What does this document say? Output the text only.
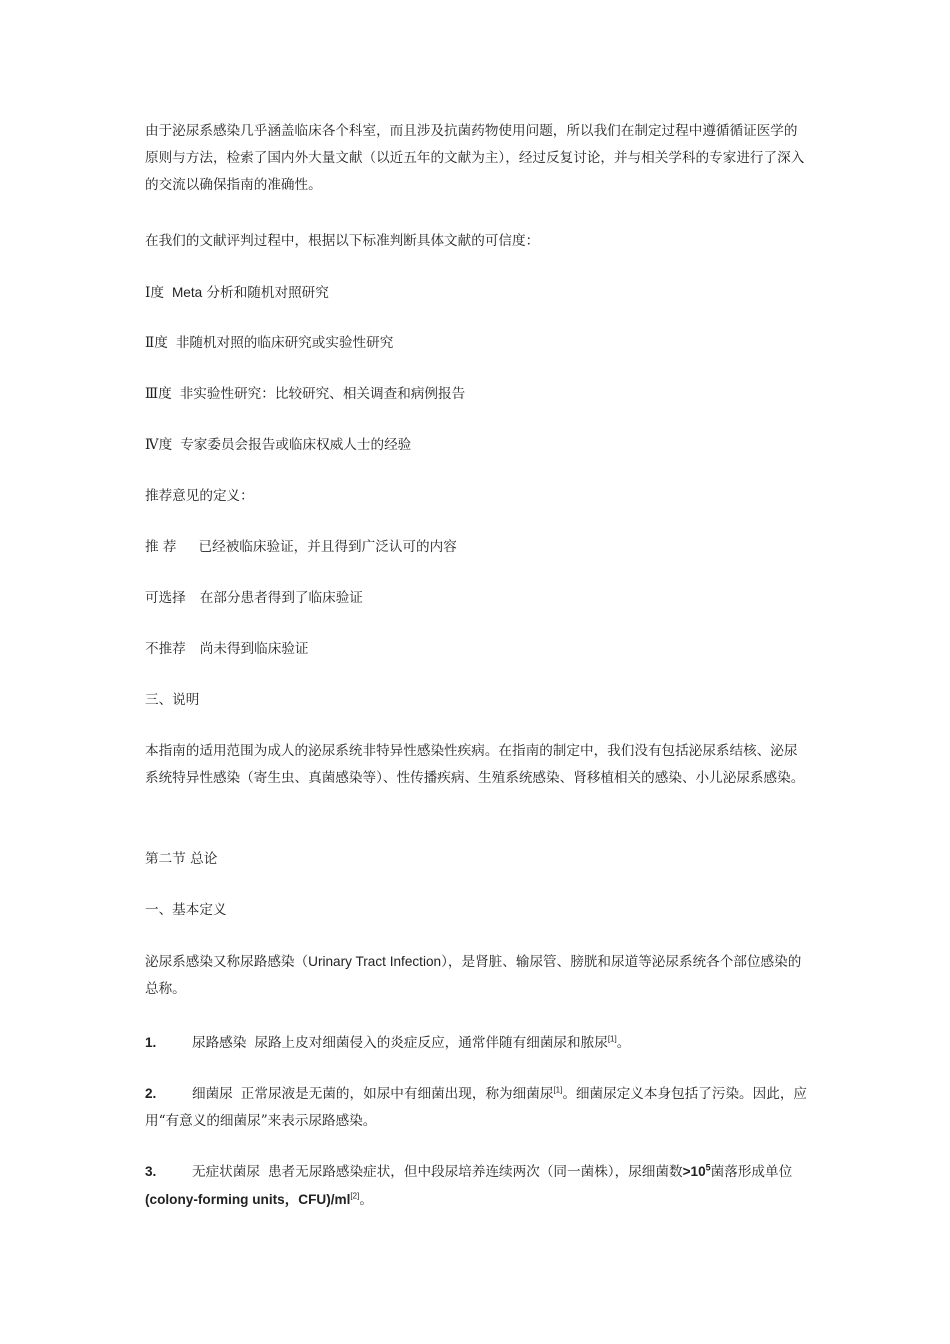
由于泌尿系感染几乎涵盖临床各个科室，而且涉及抗菌药物使用问题，所以我们在制定过程中遵循循证医学的原则与方法，检索了国内外大量文献（以近五年的文献为主），经过反复讨论，并与相关学科的专家进行了深入的交流以确保指南的准确性。

在我们的文献评判过程中，根据以下标准判断具体文献的可信度：

Ⅰ度 Meta 分析和随机对照研究

Ⅱ度 非随机对照的临床研究或实验性研究

Ⅲ度 非实验性研究：比较研究、相关调查和病例报告

Ⅳ度 专家委员会报告或临床权威人士的经验

推荐意见的定义：

推 荐 已经被临床验证，并且得到广泛认可的内容

可选择 在部分患者得到了临床验证

不推荐 尚未得到临床验证

三、说明

本指南的适用范围为成人的泌尿系统非特异性感染性疾病。在指南的制定中，我们没有包括泌尿系结核、泌尿系统特异性感染（寄生虫、真菌感染等）、性传播疾病、生殖系统感染、肾移植相关的感染、小儿泌尿系感染。

第二节 总论

一、基本定义

泌尿系感染又称尿路感染（Urinary Tract Infection），是肾脏、输尿管、膀胱和尿道等泌尿系统各个部位感染的总称。

1.	尿路感染 尿路上皮对细菌侵入的炎症反应，通常伴随有细菌尿和脓尿[1]。

2.	细菌尿 正常尿液是无菌的，如尿中有细菌出现，称为细菌尿[1]。细菌尿定义本身包括了污染。因此，应用“有意义的细菌尿”来表示尿路感染。

3.	无症状菌尿 患者无尿路感染症状，但中段尿培养连续两次（同一菌株），尿细菌数$>10^5$菌落形成单位(colony-forming units，CFU)/ml[2]。
